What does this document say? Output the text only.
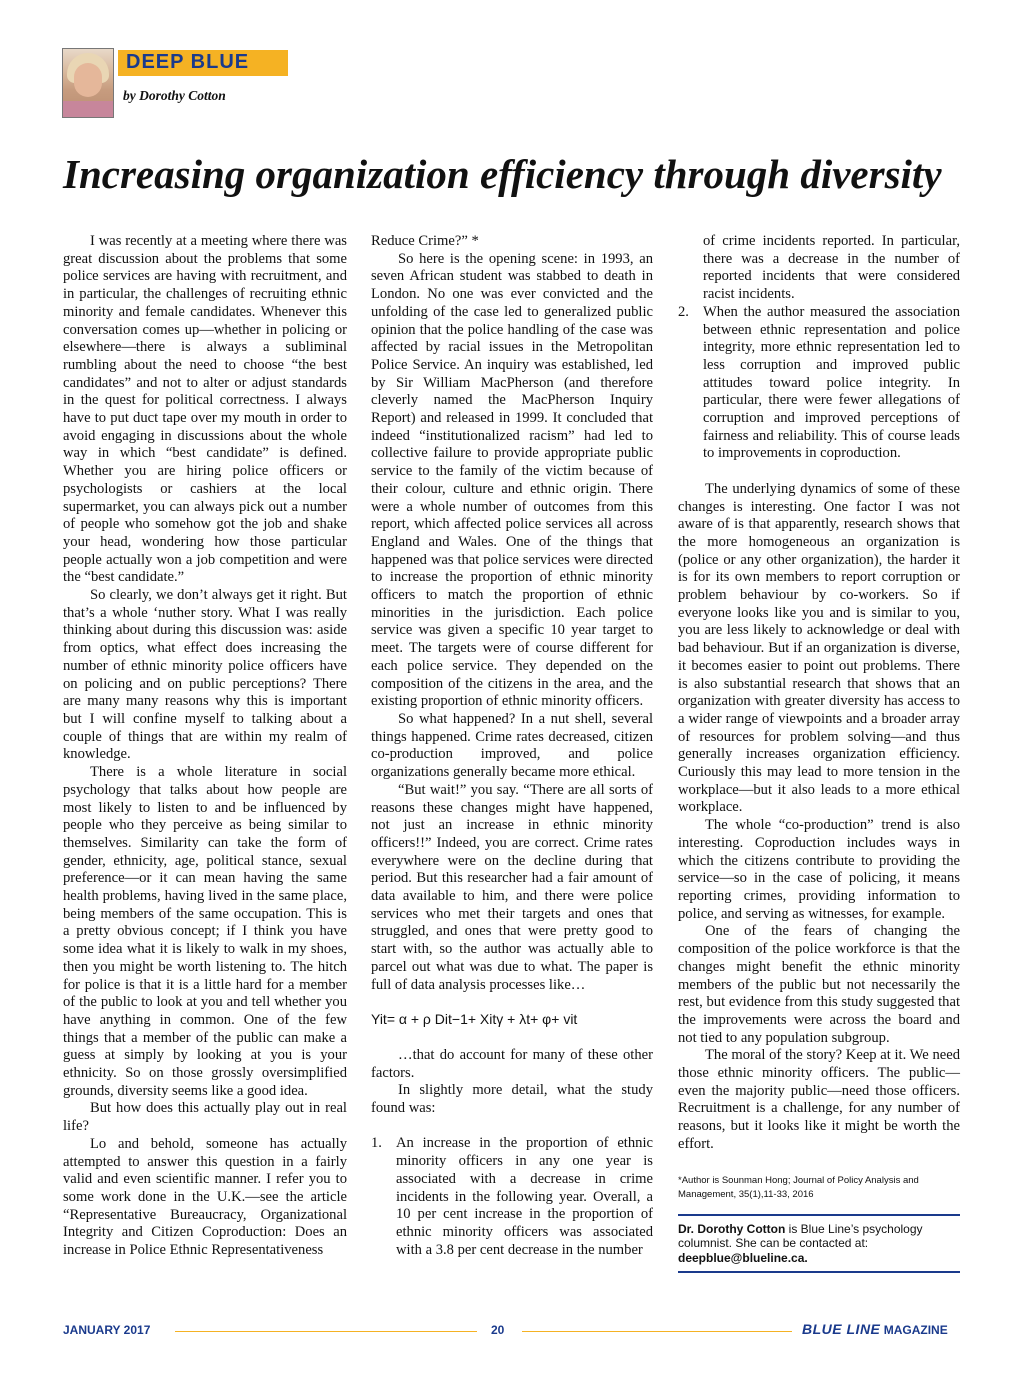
DEEP BLUE
by Dorothy Cotton
Increasing organization efficiency through diversity

I was recently at a meeting where there was great discussion about the problems that some police services are having with recruitment, and in particular, the challenges of recruiting ethnic minority and female candidates. Whenever this conversation comes up—whether in policing or elsewhere—there is always a subliminal rumbling about the need to choose “the best candidates” and not to alter or adjust standards in the quest for political correctness. I always have to put duct tape over my mouth in order to avoid engaging in discussions about the whole way in which “best candidate” is defined. Whether you are hiring police officers or psychologists or cashiers at the local supermarket, you can always pick out a number of people who somehow got the job and shake your head, wondering how those particular people actually won a job competition and were the “best candidate.”

So clearly, we don’t always get it right. But that’s a whole ‘nuther story. What I was really thinking about during this discussion was: aside from optics, what effect does increasing the number of ethnic minority police officers have on policing and on public perceptions? There are many many reasons why this is important but I will confine myself to talking about a couple of things that are within my realm of knowledge.

There is a whole literature in social psychology that talks about how people are most likely to listen to and be influenced by people who they perceive as being similar to themselves. Similarity can take the form of gender, ethnicity, age, political stance, sexual preference—or it can mean having the same health problems, having lived in the same place, being members of the same occupation. This is a pretty obvious concept; if I think you have some idea what it is likely to walk in my shoes, then you might be worth listening to. The hitch for police is that it is a little hard for a member of the public to look at you and tell whether you have anything in common. One of the few things that a member of the public can make a guess at simply by looking at you is your ethnicity. So on those grossly oversimplified grounds, diversity seems like a good idea.

But how does this actually play out in real life?

Lo and behold, someone has actually attempted to answer this question in a fairly valid and even scientific manner. I refer you to some work done in the U.K.—see the article “Representative Bureaucracy, Organizational Integrity and Citizen Coproduction: Does an increase in Police Ethnic Representativeness

Reduce Crime?” *

So here is the opening scene: in 1993, an seven African student was stabbed to death in London. No one was ever convicted and the unfolding of the case led to generalized public opinion that the police handling of the case was affected by racial issues in the Metropolitan Police Service. An inquiry was established, led by Sir William MacPherson (and therefore cleverly named the MacPherson Inquiry Report) and released in 1999. It concluded that indeed “institutionalized racism” had led to collective failure to provide appropriate public service to the family of the victim because of their colour, culture and ethnic origin. There were a whole number of outcomes from this report, which affected police services all across England and Wales. One of the things that happened was that police services were directed to increase the proportion of ethnic minority officers to match the proportion of ethnic minorities in the jurisdiction. Each police service was given a specific 10 year target to meet. The targets were of course different for each police service. They depended on the composition of the citizens in the area, and the existing proportion of ethnic minority officers.

So what happened? In a nut shell, several things happened. Crime rates decreased, citizen co-production improved, and police organizations generally became more ethical.

“But wait!” you say. “There are all sorts of reasons these changes might have happened, not just an increase in ethnic minority officers!!” Indeed, you are correct. Crime rates everywhere were on the decline during that period. But this researcher had a fair amount of data available to him, and there were police services who met their targets and ones that struggled, and ones that were pretty good to start with, so the author was actually able to parcel out what was due to what. The paper is full of data analysis processes like…

Yit= α + ρ Dit−1+ Xitγ + λt+ φ+ vit

…that do account for many of these other factors.

In slightly more detail, what the study found was:

1. An increase in the proportion of ethnic minority officers in any one year is associated with a decrease in crime incidents in the following year. Overall, a 10 per cent increase in the proportion of ethnic minority officers was associated with a 3.8 per cent decrease in the number

of crime incidents reported. In particular, there was a decrease in the number of reported incidents that were considered racist incidents.

2. When the author measured the association between ethnic representation and police integrity, more ethnic representation led to less corruption and improved public attitudes toward police integrity. In particular, there were fewer allegations of corruption and improved perceptions of fairness and reliability. This of course leads to improvements in coproduction.

The underlying dynamics of some of these changes is interesting. One factor I was not aware of is that apparently, research shows that the more homogeneous an organization is (police or any other organization), the harder it is for its own members to report corruption or problem behaviour by co-workers. So if everyone looks like you and is similar to you, you are less likely to acknowledge or deal with bad behaviour. But if an organization is diverse, it becomes easier to point out problems. There is also substantial research that shows that an organization with greater diversity has access to a wider range of viewpoints and a broader array of resources for problem solving—and thus generally increases organization efficiency. Curiously this may lead to more tension in the workplace—but it also leads to a more ethical workplace.

The whole “co-production” trend is also interesting. Coproduction includes ways in which the citizens contribute to providing the service—so in the case of policing, it means reporting crimes, providing information to police, and serving as witnesses, for example.

One of the fears of changing the composition of the police workforce is that the changes might benefit the ethnic minority members of the public but not necessarily the rest, but evidence from this study suggested that the improvements were across the board and not tied to any population subgroup.

The moral of the story? Keep at it. We need those ethnic minority officers. The public—even the majority public—need those officers. Recruitment is a challenge, for any number of reasons, but it looks like it might be worth the effort.

*Author is Sounman Hong; Journal of Policy Analysis and Management, 35(1),11-33, 2016

Dr. Dorothy Cotton is Blue Line’s psychology columnist. She can be contacted at: deepblue@blueline.ca.
JANUARY 2017	20	BLUE LINE MAGAZINE
